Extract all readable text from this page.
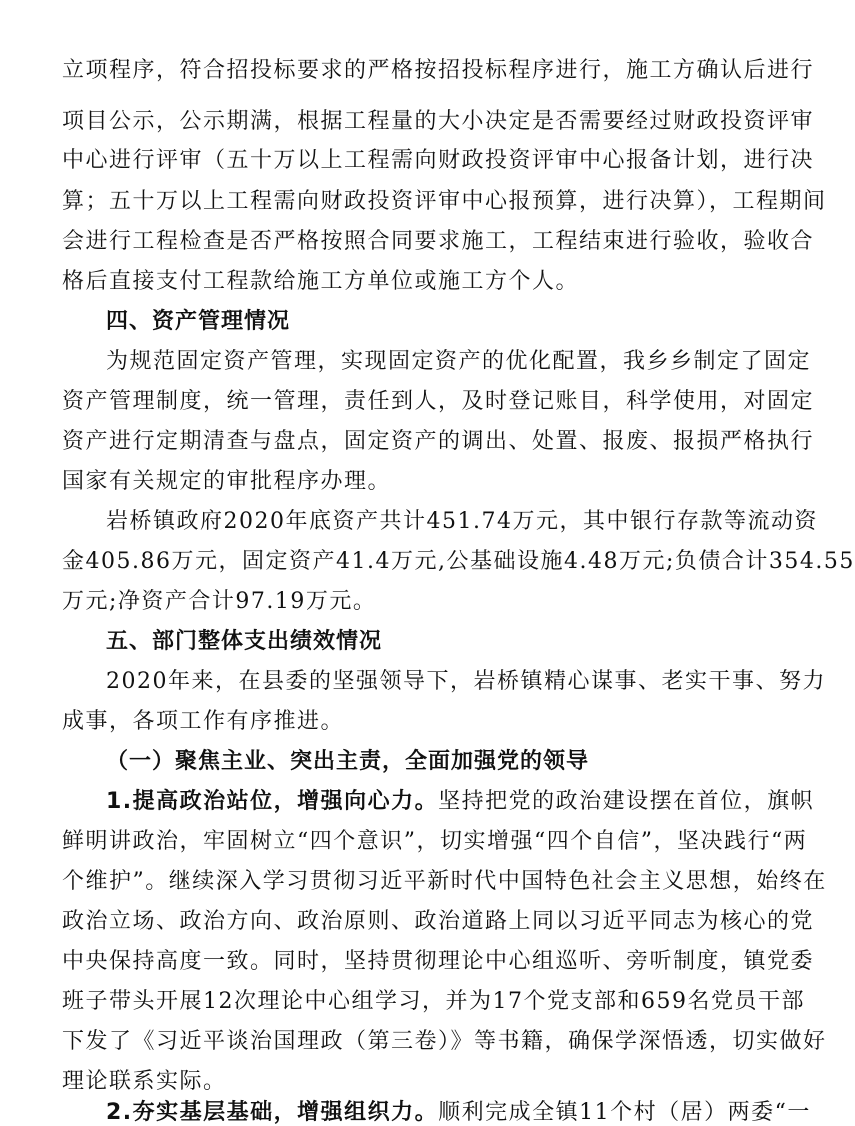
立项程序，符合招投标要求的严格按招投标程序进行，施工方确认后进行
项目公示，公示期满，根据工程量的大小决定是否需要经过财政投资评审
中心进行评审（五十万以上工程需向财政投资评审中心报备计划，进行决
算；五十万以上工程需向财政投资评审中心报预算，进行决算），工程期间
会进行工程检查是否严格按照合同要求施工，工程结束进行验收，验收合
格后直接支付工程款给施工方单位或施工方个人。
四、资产管理情况
为规范固定资产管理，实现固定资产的优化配置，我乡乡制定了固定
资产管理制度，统一管理，责任到人，及时登记账目，科学使用，对固定
资产进行定期清查与盘点，固定资产的调出、处置、报废、报损严格执行
国家有关规定的审批程序办理。
岩桥镇政府2020年底资产共计451.74万元，其中银行存款等流动资
金405.86万元，固定资产41.4万元,公基础设施4.48万元;负债合计354.55
万元;净资产合计97.19万元。
五、部门整体支出绩效情况
2020年来，在县委的坚强领导下，岩桥镇精心谋事、老实干事、努力
成事，各项工作有序推进。
（一）聚焦主业、突出主责，全面加强党的领导
1.提高政治站位，增强向心力。坚持把党的政治建设摆在首位，旗帜
鲜明讲政治，牢固树立“四个意识”，切实增强“四个自信”，坚决践行“两
个维护”。继续深入学习贯彻习近平新时代中国特色社会主义思想，始终在
政治立场、政治方向、政治原则、政治道路上同以习近平同志为核心的党
中央保持高度一致。同时，坚持贯彻理论中心组巡听、旁听制度，镇党委
班子带头开展12次理论中心组学习，并为17个党支部和659名党员干部
下发了《习近平谈治国理政（第三卷）》等书籍，确保学深悟透，切实做好
理论联系实际。
2.夯实基层基础，增强组织力。顺利完成全镇11个村（居）两委“一
